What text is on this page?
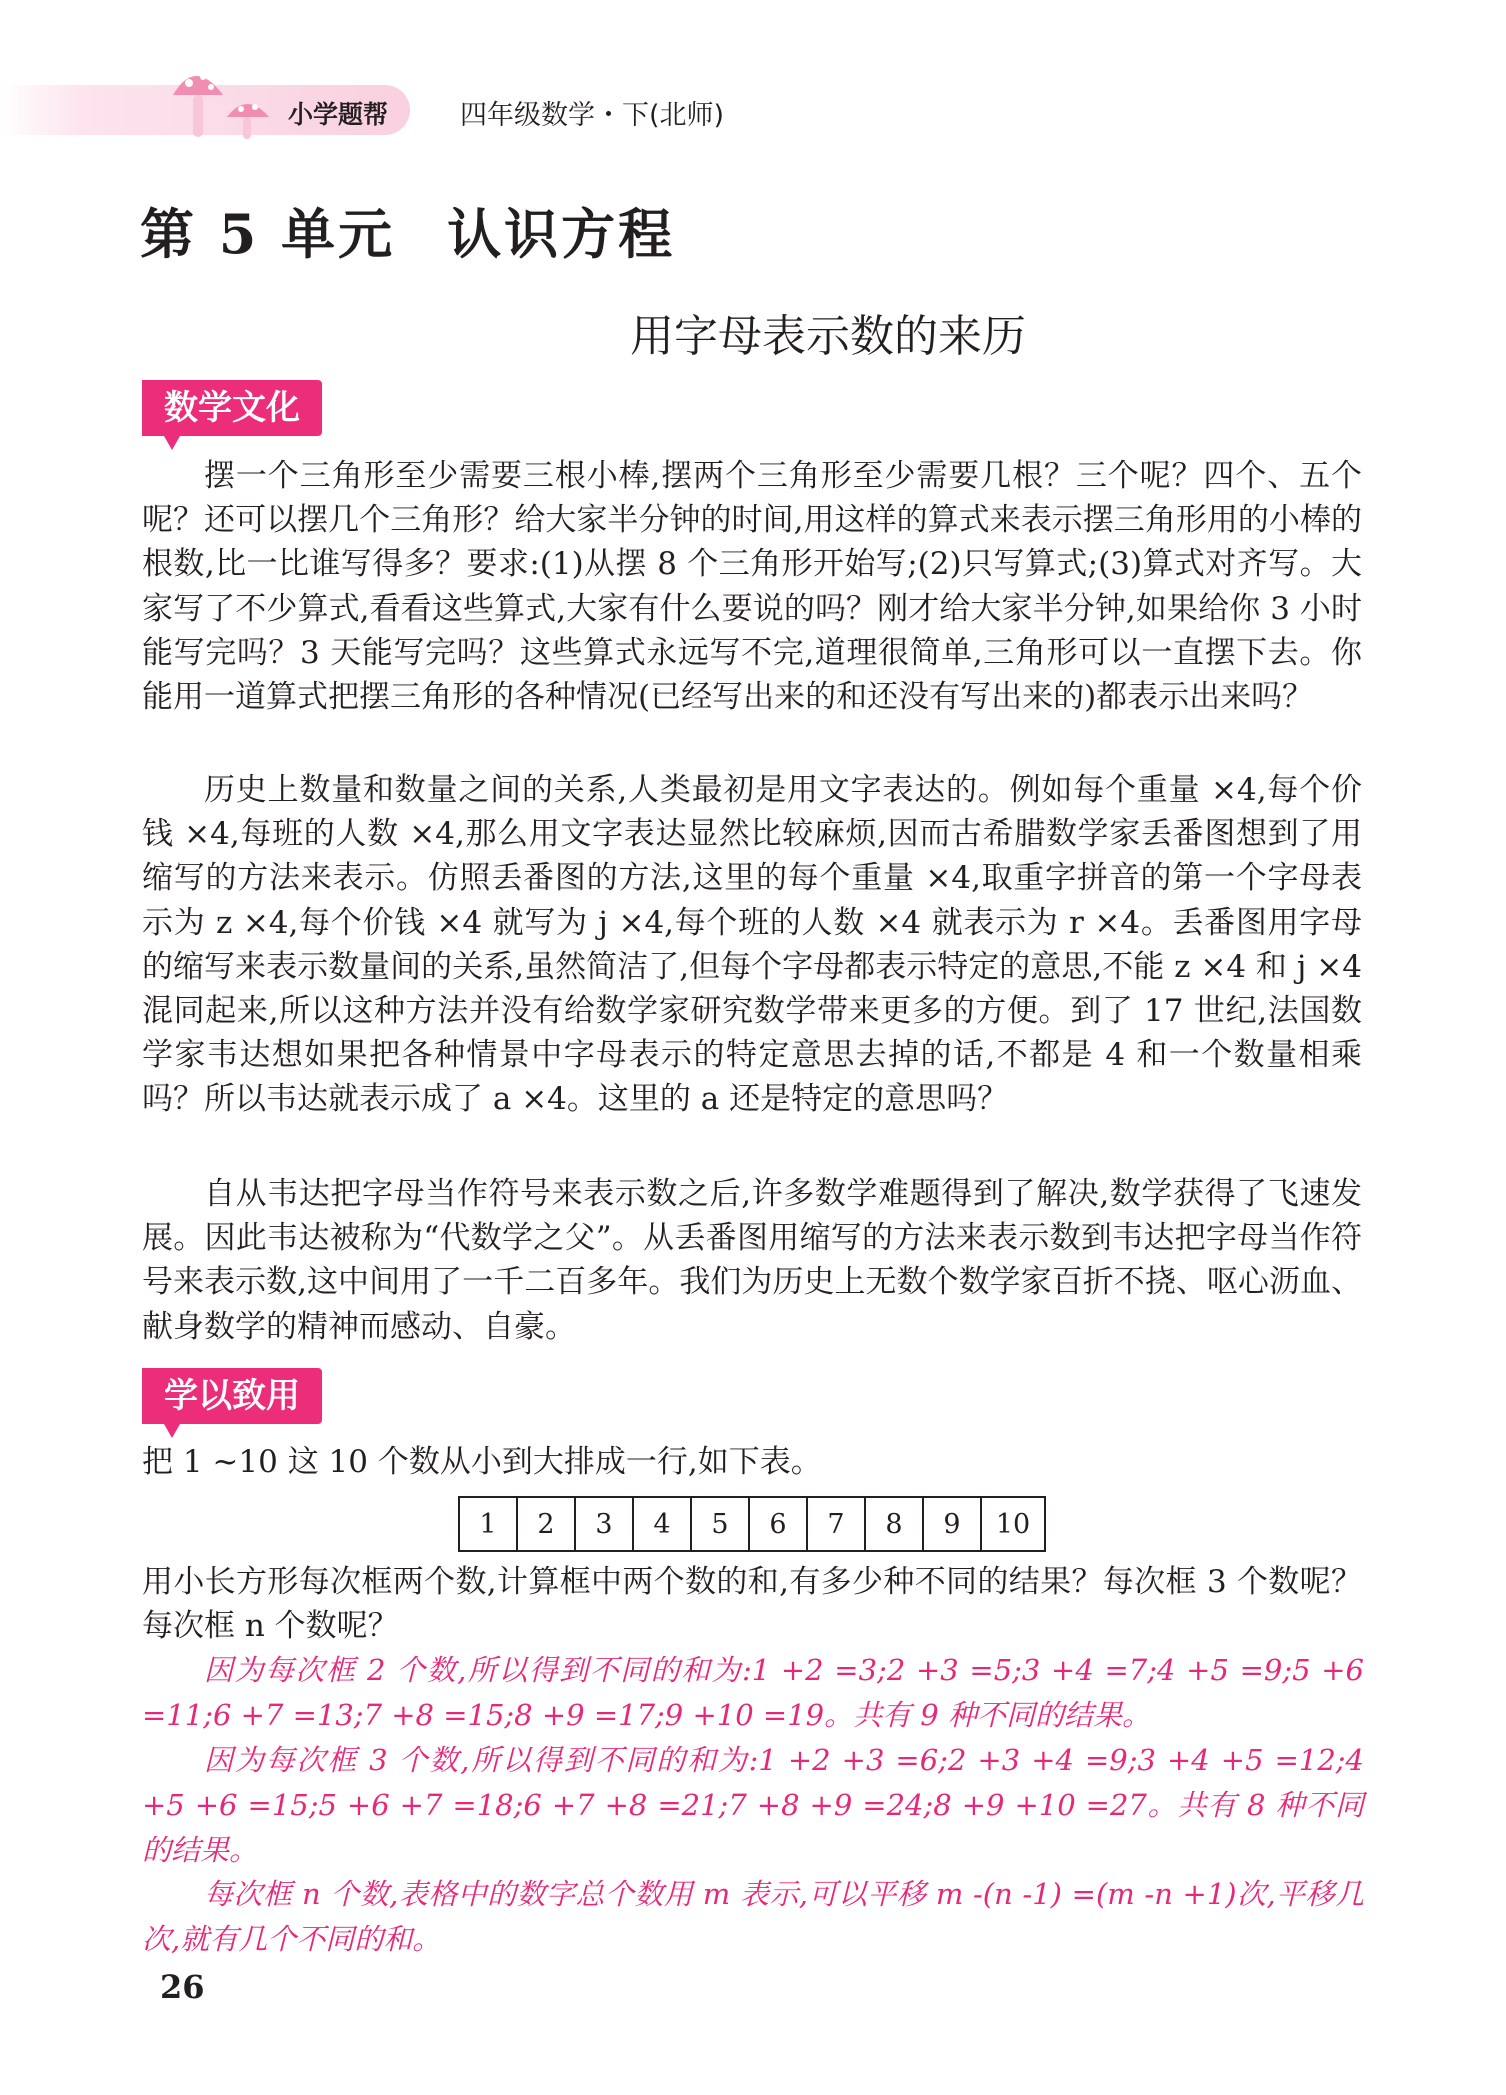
小学题帮	四年级数学・下(北师)
第 5 单元 认识方程
用字母表示数的来历
数学文化

摆一个三角形至少需要三根小棒,摆两个三角形至少需要几根？三个呢？四个、五个呢？还可以摆几个三角形？给大家半分钟的时间,用这样的算式来表示摆三角形用的小棒的根数,比一比谁写得多？要求:(1)从摆 8 个三角形开始写;(2)只写算式;(3)算式对齐写。大家写了不少算式,看看这些算式,大家有什么要说的吗？刚才给大家半分钟,如果给你 3 小时能写完吗？3 天能写完吗？这些算式永远写不完,道理很简单,三角形可以一直摆下去。你能用一道算式把摆三角形的各种情况(已经写出来的和还没有写出来的)都表示出来吗？

历史上数量和数量之间的关系,人类最初是用文字表达的。例如每个重量 ×4,每个价钱 ×4,每班的人数 ×4,那么用文字表达显然比较麻烦,因而古希腊数学家丢番图想到了用缩写的方法来表示。仿照丢番图的方法,这里的每个重量 ×4,取重字拼音的第一个字母表示为 z ×4,每个价钱 ×4 就写为 j ×4,每个班的人数 ×4 就表示为 r ×4。丢番图用字母的缩写来表示数量间的关系,虽然简洁了,但每个字母都表示特定的意思,不能 z ×4 和 j ×4 混同起来,所以这种方法并没有给数学家研究数学带来更多的方便。到了 17 世纪,法国数学家韦达想如果把各种情景中字母表示的特定意思去掉的话,不都是 4 和一个数量相乘吗？所以韦达就表示成了 a ×4。这里的 a 还是特定的意思吗？

自从韦达把字母当作符号来表示数之后,许多数学难题得到了解决,数学获得了飞速发展。因此韦达被称为“代数学之父”。从丢番图用缩写的方法来表示数到韦达把字母当作符号来表示数,这中间用了一千二百多年。我们为历史上无数个数学家百折不挠、呕心沥血、献身数学的精神而感动、自豪。

学以致用

把 1 ~10 这 10 个数从小到大排成一行,如下表。

1	2	3	4	5	6	7	8	9	10

用小长方形每次框两个数,计算框中两个数的和,有多少种不同的结果？每次框 3 个数呢？每次框 n 个数呢？

因为每次框 2 个数,所以得到不同的和为:1 +2 =3;2 +3 =5;3 +4 =7;4 +5 =9;5 +6 =11;6 +7 =13;7 +8 =15;8 +9 =17;9 +10 =19。共有 9 种不同的结果。

因为每次框 3 个数,所以得到不同的和为:1 +2 +3 =6;2 +3 +4 =9;3 +4 +5 =12;4 +5 +6 =15;5 +6 +7 =18;6 +7 +8 =21;7 +8 +9 =24;8 +9 +10 =27。共有 8 种不同的结果。

每次框 n 个数,表格中的数字总个数用 m 表示,可以平移 m -(n -1) =(m -n +1)次,平移几次,就有几个不同的和。

26
